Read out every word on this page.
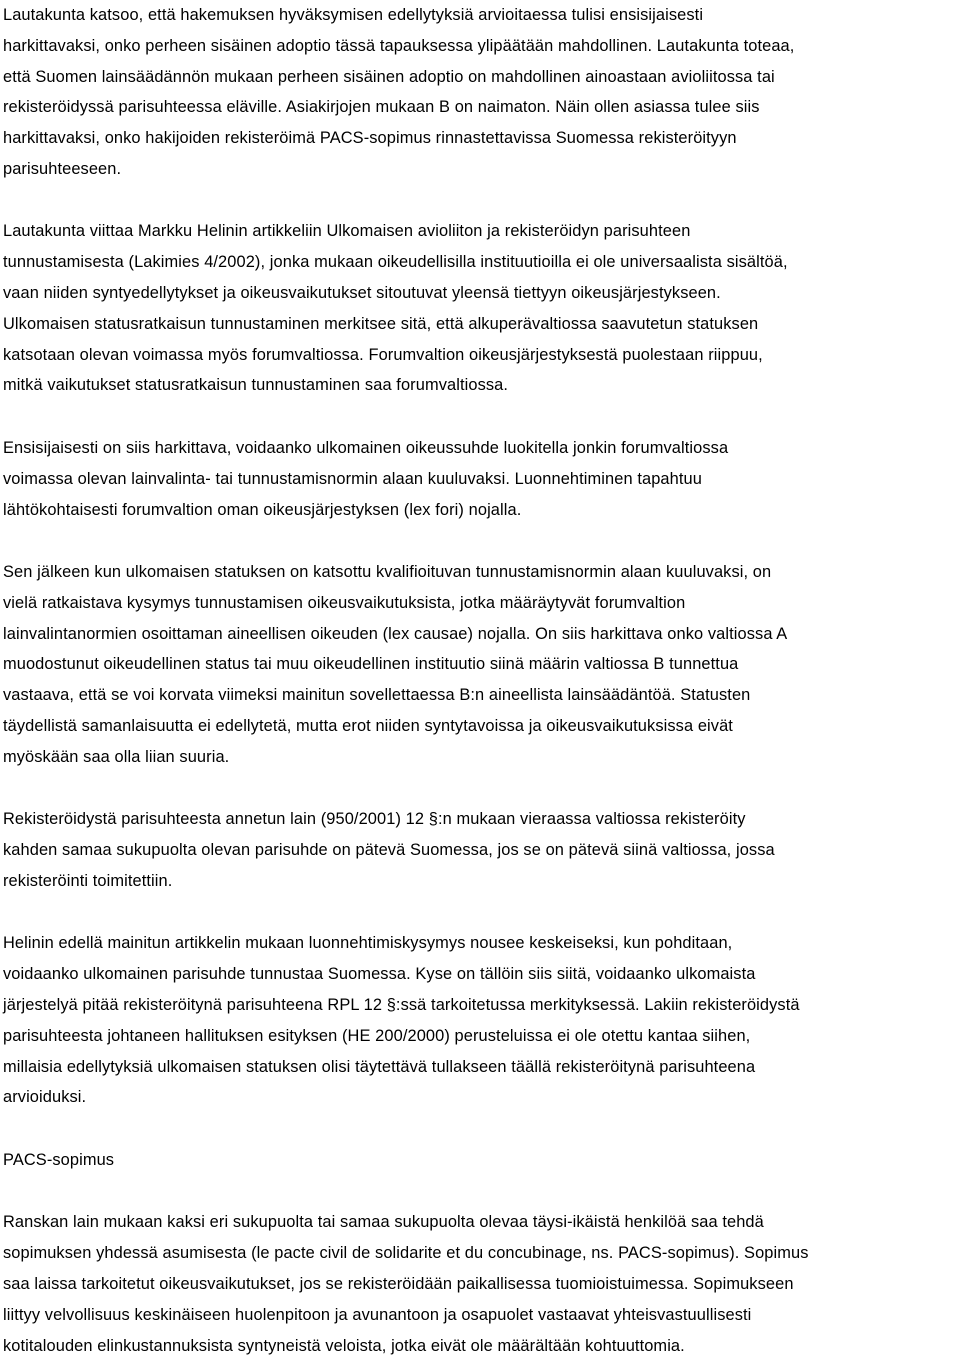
Lautakunta katsoo, että hakemuksen hyväksymisen edellytyksiä arvioitaessa tulisi ensisijaisesti
harkittavaksi, onko perheen sisäinen adoptio tässä tapauksessa ylipäätään mahdollinen. Lautakunta toteaa,
että Suomen lainsäädännön mukaan perheen sisäinen adoptio on mahdollinen ainoastaan avioliitossa tai
rekisteröidyssä parisuhteessa eläville. Asiakirjojen mukaan B on naimaton. Näin ollen asiassa tulee siis
harkittavaksi, onko hakijoiden rekisteröimä PACS-sopimus rinnastettavissa Suomessa rekisteröityyn
parisuhteeseen.
Lautakunta viittaa Markku Helinin artikkeliin Ulkomaisen avioliiton ja rekisteröidyn parisuhteen
tunnustamisesta (Lakimies 4/2002), jonka mukaan oikeudellisilla instituutioilla ei ole universaalista sisältöä,
vaan niiden syntyedellytykset ja oikeusvaikutukset sitoutuvat yleensä tiettyyn oikeusjärjestykseen.
Ulkomaisen statusratkaisun tunnustaminen merkitsee sitä, että alkuperävaltiossa saavutetun statuksen
katsotaan olevan voimassa myös forumvaltiossa. Forumvaltion oikeusjärjestyksestä puolestaan riippuu,
mitkä vaikutukset statusratkaisun tunnustaminen saa forumvaltiossa.
Ensisijaisesti on siis harkittava, voidaanko ulkomainen oikeussuhde luokitella jonkin forumvaltiossa
voimassa olevan lainvalinta- tai tunnustamisnormin alaan kuuluvaksi. Luonnehtiminen tapahtuu
lähtökohtaisesti forumvaltion oman oikeusjärjestyksen (lex fori) nojalla.
Sen jälkeen kun ulkomaisen statuksen on katsottu kvalifioituvan tunnustamisnormin alaan kuuluvaksi, on
vielä ratkaistava kysymys tunnustamisen oikeusvaikutuksista, jotka määräytyvät forumvaltion
lainvalintanormien osoittaman aineellisen oikeuden (lex causae) nojalla. On siis harkittava onko valtiossa A
muodostunut oikeudellinen status tai muu oikeudellinen instituutio siinä määrin valtiossa B tunnettua
vastaava, että se voi korvata viimeksi mainitun sovellettaessa B:n aineellista lainsäädäntöä. Statusten
täydellistä samanlaisuutta ei edellytetä, mutta erot niiden syntytavoissa ja oikeusvaikutuksissa eivät
myöskään saa olla liian suuria.
Rekisteröidystä parisuhteesta annetun lain (950/2001) 12 §:n mukaan vieraassa valtiossa rekisteröity
kahden samaa sukupuolta olevan parisuhde on pätevä Suomessa, jos se on pätevä siinä valtiossa, jossa
rekisteröinti toimitettiin.
Helinin edellä mainitun artikkelin mukaan luonnehtimiskysymys nousee keskeiseksi, kun pohditaan,
voidaanko ulkomainen parisuhde tunnustaa Suomessa. Kyse on tällöin siis siitä, voidaanko ulkomaista
järjestelyä pitää rekisteröitynä parisuhteena RPL 12 §:ssä tarkoitetussa merkityksessä. Lakiin rekisteröidystä
parisuhteesta johtaneen hallituksen esityksen (HE 200/2000) perusteluissa ei ole otettu kantaa siihen,
millaisia edellytyksiä ulkomaisen statuksen olisi täytettävä tullakseen täällä rekisteröitynä parisuhteena
arvioiduksi.
PACS-sopimus
Ranskan lain mukaan kaksi eri sukupuolta tai samaa sukupuolta olevaa täysi-ikäistä henkilöä saa tehdä
sopimuksen yhdessä asumisesta (le pacte civil de solidarite et du concubinage, ns. PACS-sopimus). Sopimus
saa laissa tarkoitetut oikeusvaikutukset, jos se rekisteröidään paikallisessa tuomioistuimessa. Sopimukseen
liittyy velvollisuus keskinäiseen huolenpitoon ja avunantoon ja osapuolet vastaavat yhteisvastuullisesti
kotitalouden elinkustannuksista syntyneistä veloista, jotka eivät ole määrältään kohtuuttomia.
